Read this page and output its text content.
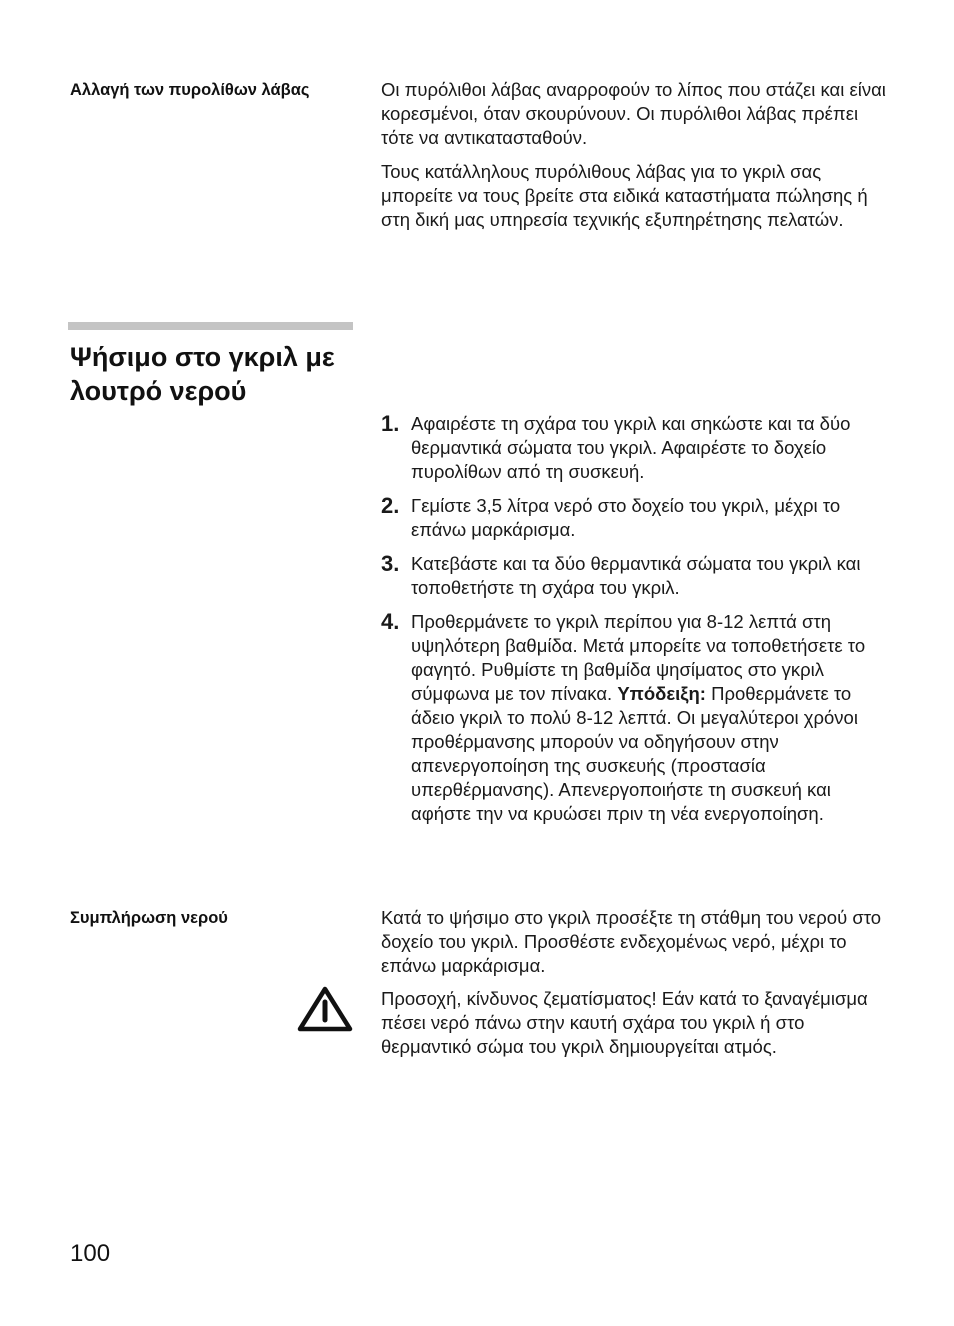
Αλλαγή των πυρολίθων λάβας	Οι πυρόλιθοι λάβας αναρροφούν το λίπος που στάζει και είναι κορεσμένοι, όταν σκουρύνουν. Οι πυρόλιθοι λάβας πρέπει τότε να αντικατασταθούν.

Τους κατάλληλους πυρόλιθους λάβας για το γκριλ σας μπορείτε να τους βρείτε στα ειδικά καταστήματα πώλησης ή στη δική μας υπηρεσία τεχνικής εξυπηρέτησης πελατών.

Ψήσιμο στο γκριλ με λουτρό νερού
1. Αφαιρέστε τη σχάρα του γκριλ και σηκώστε και τα δύο θερμαντικά σώματα του γκριλ. Αφαιρέστε το δοχείο πυρολίθων από τη συσκευή.
2. Γεμίστε 3,5 λίτρα νερό στο δοχείο του γκριλ, μέχρι το επάνω μαρκάρισμα.
3. Κατεβάστε και τα δύο θερμαντικά σώματα του γκριλ και τοποθετήστε τη σχάρα του γκριλ.
4. Προθερμάνετε το γκριλ περίπου για 8-12 λεπτά στη υψηλότερη βαθμίδα. Μετά μπορείτε να τοποθετήσετε το φαγητό. Ρυθμίστε τη βαθμίδα ψησίματος στο γκριλ σύμφωνα με τον πίνακα. Υπόδειξη: Προθερμάνετε το άδειο γκριλ το πολύ 8-12 λεπτά. Οι μεγαλύτεροι χρόνοι προθέρμανσης μπορούν να οδηγήσουν στην απενεργοποίηση της συσκευής (προστασία υπερθέρμανσης). Απενεργοποιήστε τη συσκευή και αφήστε την να κρυώσει πριν τη νέα ενεργοποίηση.
Συμπλήρωση νερού	Κατά το ψήσιμο στο γκριλ προσέξτε τη στάθμη του νερού στο δοχείο του γκριλ. Προσθέστε ενδεχομένως νερό, μέχρι το επάνω μαρκάρισμα.

Προσοχή, κίνδυνος ζεματίσματος! Εάν κατά το ξαναγέμισμα πέσει νερό πάνω στην καυτή σχάρα του γκριλ ή στο θερμαντικό σώμα του γκριλ δημιουργείται ατμός.

100
